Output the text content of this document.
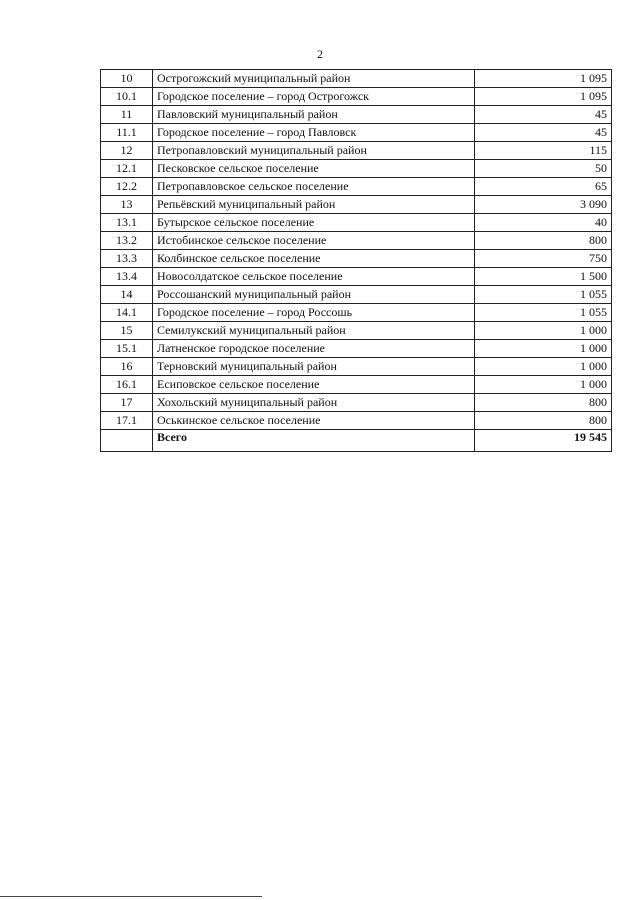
2
10	Острогожский муниципальный район	1 095
10.1	Городское поселение – город Острогожск	1 095
11	Павловский муниципальный район	45
11.1	Городское поселение – город Павловск	45
12	Петропавловский муниципальный район	115
12.1	Песковское сельское поселение	50
12.2	Петропавловское сельское поселение	65
13	Репьёвский муниципальный район	3 090
13.1	Бутырское сельское поселение	40
13.2	Истобинское сельское поселение	800
13.3	Колбинское сельское поселение	750
13.4	Новосолдатское сельское поселение	1 500
14	Россошанский муниципальный район	1 055
14.1	Городское поселение – город Россошь	1 055
15	Семилукский муниципальный район	1 000
15.1	Латненское городское поселение	1 000
16	Терновский муниципальный район	1 000
16.1	Есиповское сельское поселение	1 000
17	Хохольский муниципальный район	800
17.1	Оськинское сельское поселение	800
	Всего	19 545
